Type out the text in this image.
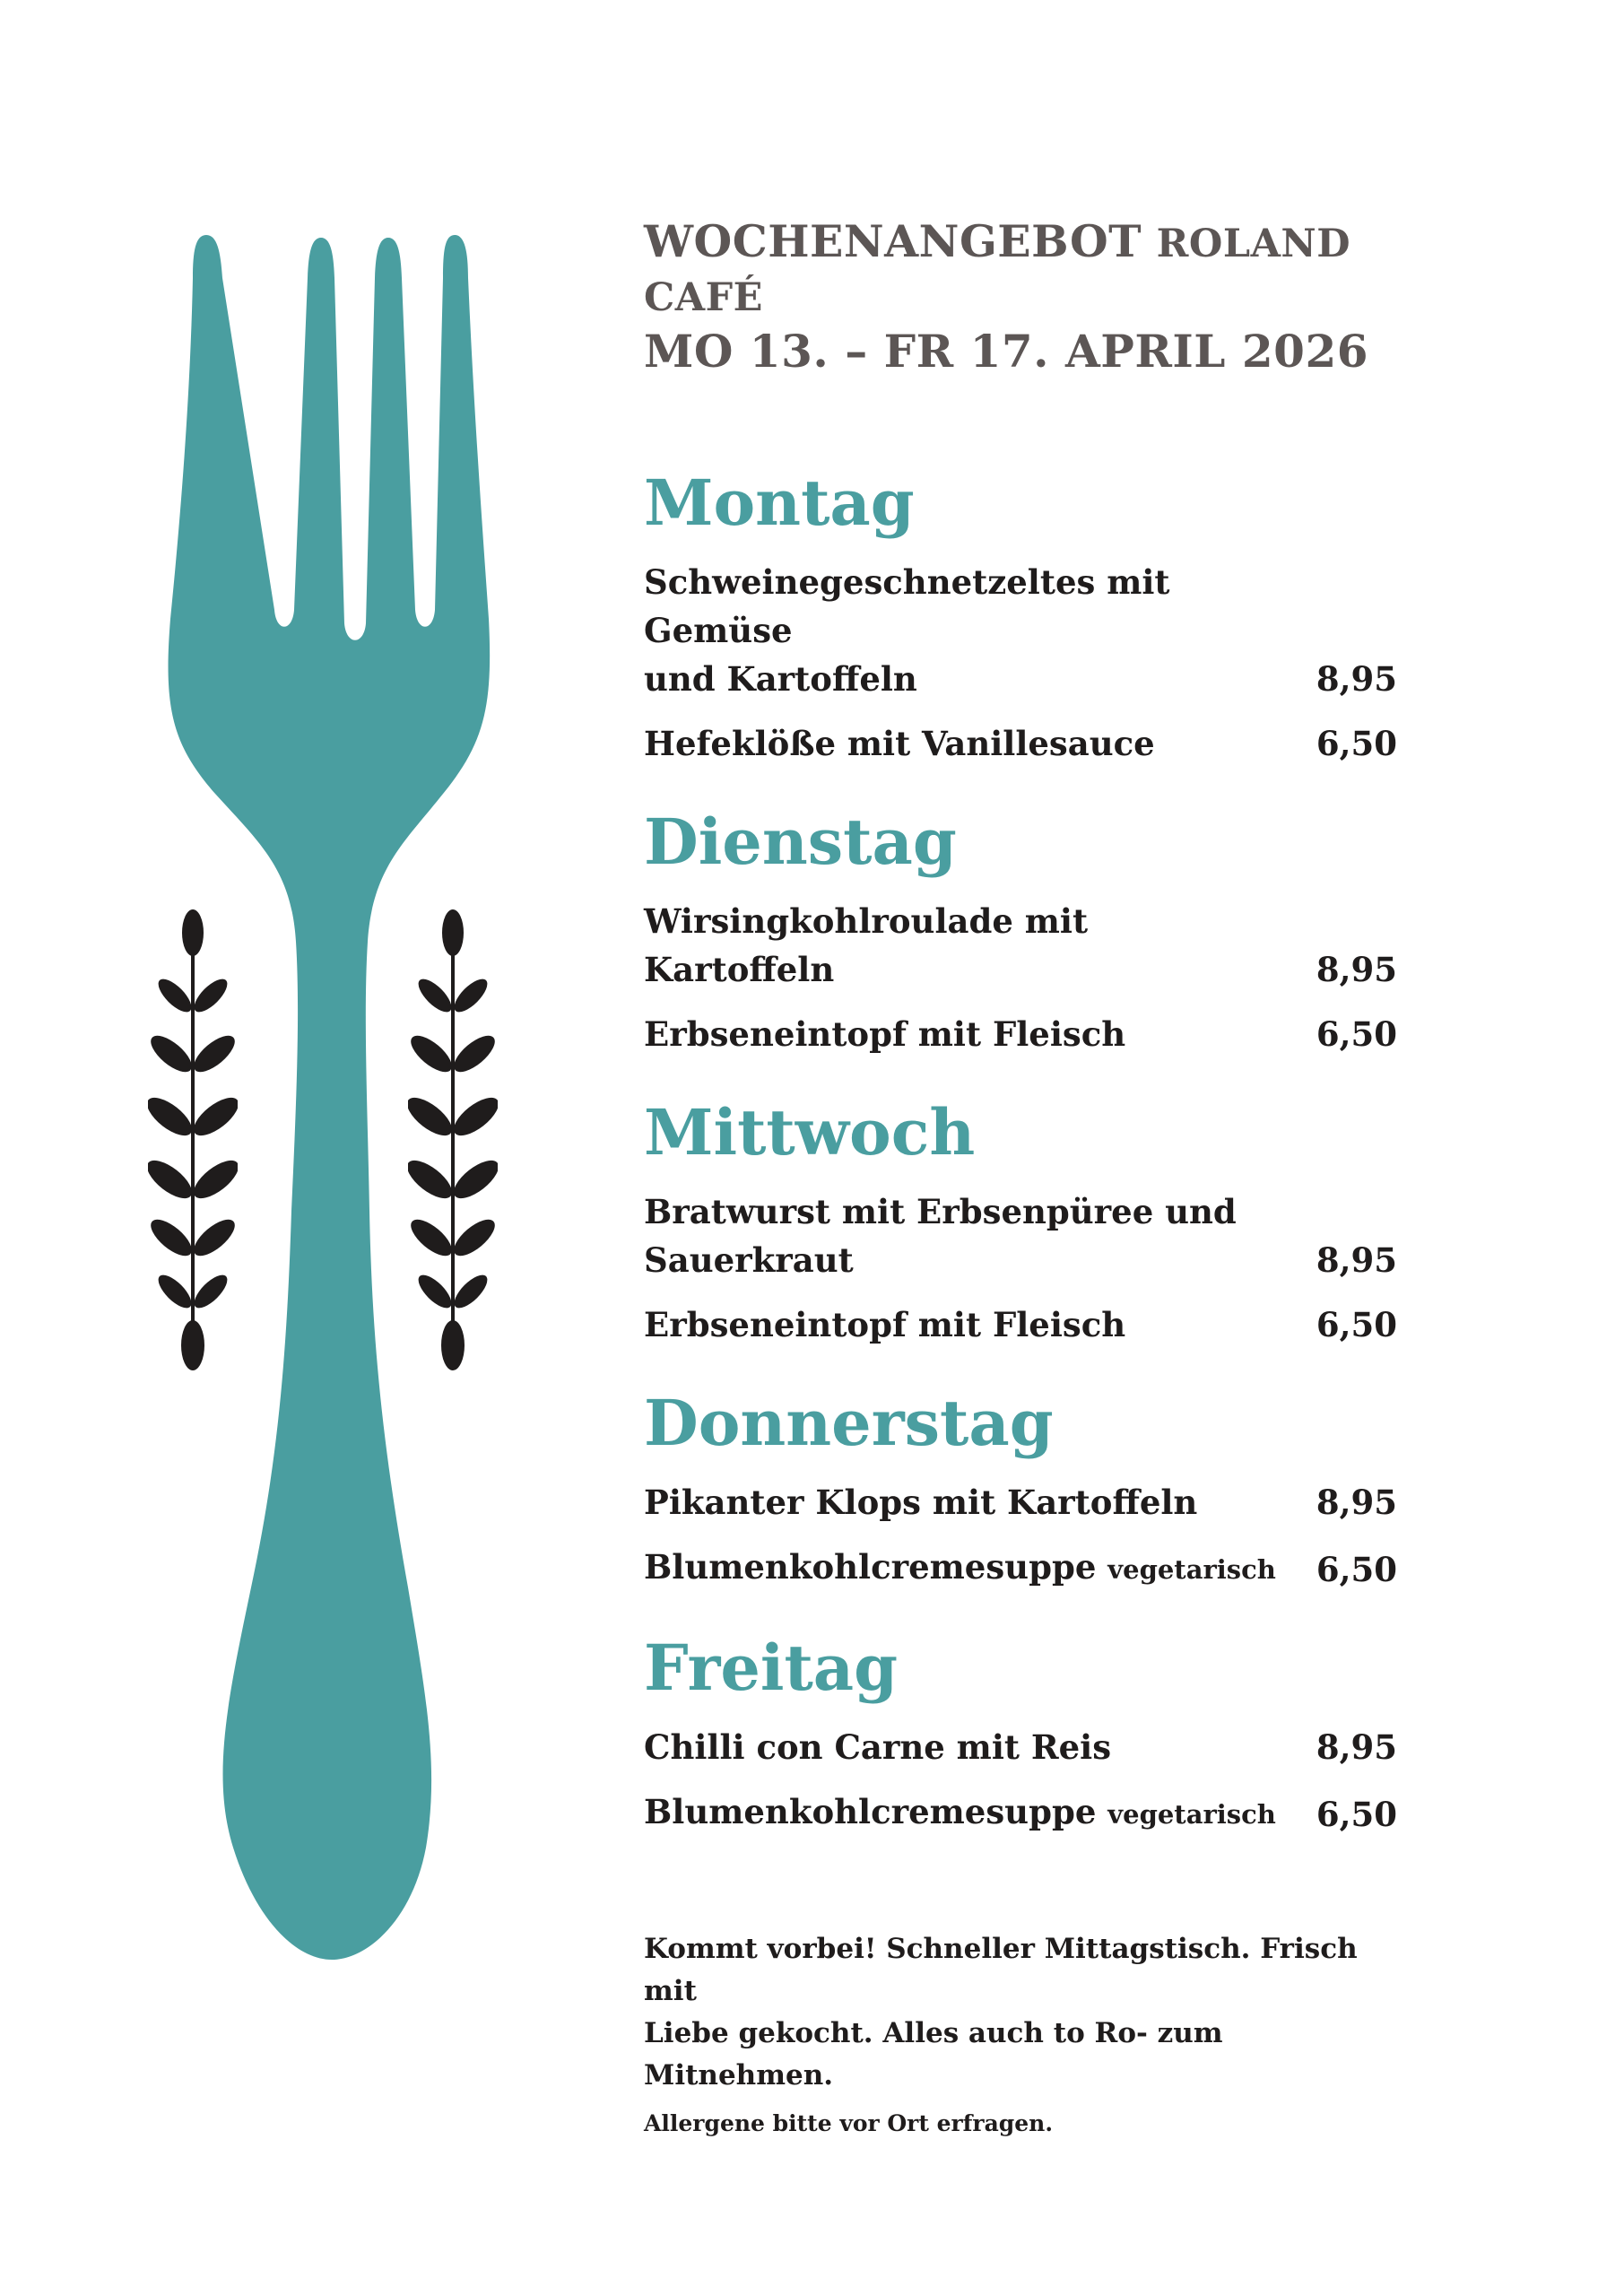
WOCHENANGEBOT ROLAND CAFÉ
MO 13. – FR 17. APRIL 2026
Montag
Schweinegeschnetzeltes mit Gemüse
und Kartoffeln	8,95
Hefeklöße mit Vanillesauce	6,50
Dienstag
Wirsingkohlroulade mit Kartoffeln	8,95
Erbseneintopf mit Fleisch	6,50
Mittwoch
Bratwurst mit Erbsenpüree und
Sauerkraut	8,95
Erbseneintopf mit Fleisch	6,50
Donnerstag
Pikanter Klops mit Kartoffeln	8,95
Blumenkohlcremesuppe vegetarisch	6,50
Freitag
Chilli con Carne mit Reis	8,95
Blumenkohlcremesuppe vegetarisch	6,50
Kommt vorbei! Schneller Mittagstisch. Frisch mit
Liebe gekocht. Alles auch to Ro- zum Mitnehmen.
Allergene bitte vor Ort erfragen.
